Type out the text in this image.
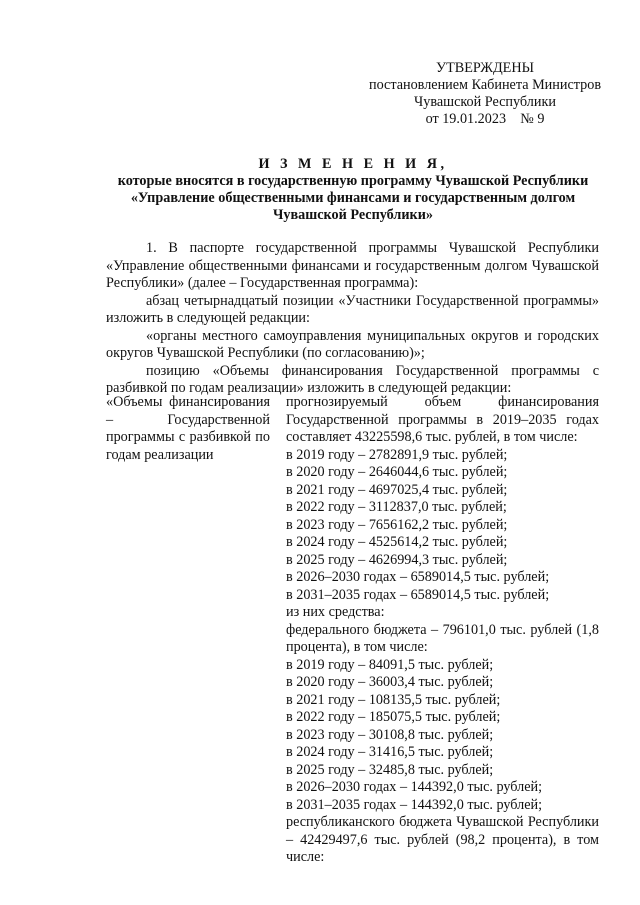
УТВЕРЖДЕНЫ
постановлением Кабинета Министров
Чувашской Республики
от 19.01.2023    № 9
И З М Е Н Е Н И Я,
которые вносятся в государственную программу Чувашской Республики
«Управление общественными финансами и государственным долгом
Чувашской Республики»

1. В паспорте государственной программы Чувашской Республики «Управление общественными финансами и государственным долгом Чувашской Республики» (далее – Государственная программа):

абзац четырнадцатый позиции «Участники Государственной программы» изложить в следующей редакции:

«органы местного самоуправления муниципальных округов и городских округов Чувашской Республики (по согласованию)»;

позицию «Объемы финансирования Государственной программы с разбивкой по годам реализации» изложить в следующей редакции:

«Объемы финансирования – Государственной программы с разбивкой по годам реализации
прогнозируемый объем финансирования Государственной программы в 2019–2035 годах составляет 43225598,6 тыс. рублей, в том числе:
в 2019 году – 2782891,9 тыс. рублей;
в 2020 году – 2646044,6 тыс. рублей;
в 2021 году – 4697025,4 тыс. рублей;
в 2022 году – 3112837,0 тыс. рублей;
в 2023 году – 7656162,2 тыс. рублей;
в 2024 году – 4525614,2 тыс. рублей;
в 2025 году – 4626994,3 тыс. рублей;
в 2026–2030 годах – 6589014,5 тыс. рублей;
в 2031–2035 годах – 6589014,5 тыс. рублей;
из них средства:
федерального бюджета – 796101,0 тыс. рублей (1,8 процента), в том числе:
в 2019 году – 84091,5 тыс. рублей;
в 2020 году – 36003,4 тыс. рублей;
в 2021 году – 108135,5 тыс. рублей;
в 2022 году – 185075,5 тыс. рублей;
в 2023 году – 30108,8 тыс. рублей;
в 2024 году – 31416,5 тыс. рублей;
в 2025 году – 32485,8 тыс. рублей;
в 2026–2030 годах – 144392,0 тыс. рублей;
в 2031–2035 годах – 144392,0 тыс. рублей;
республиканского бюджета Чувашской Республики – 42429497,6 тыс. рублей (98,2 процента), в том числе:
